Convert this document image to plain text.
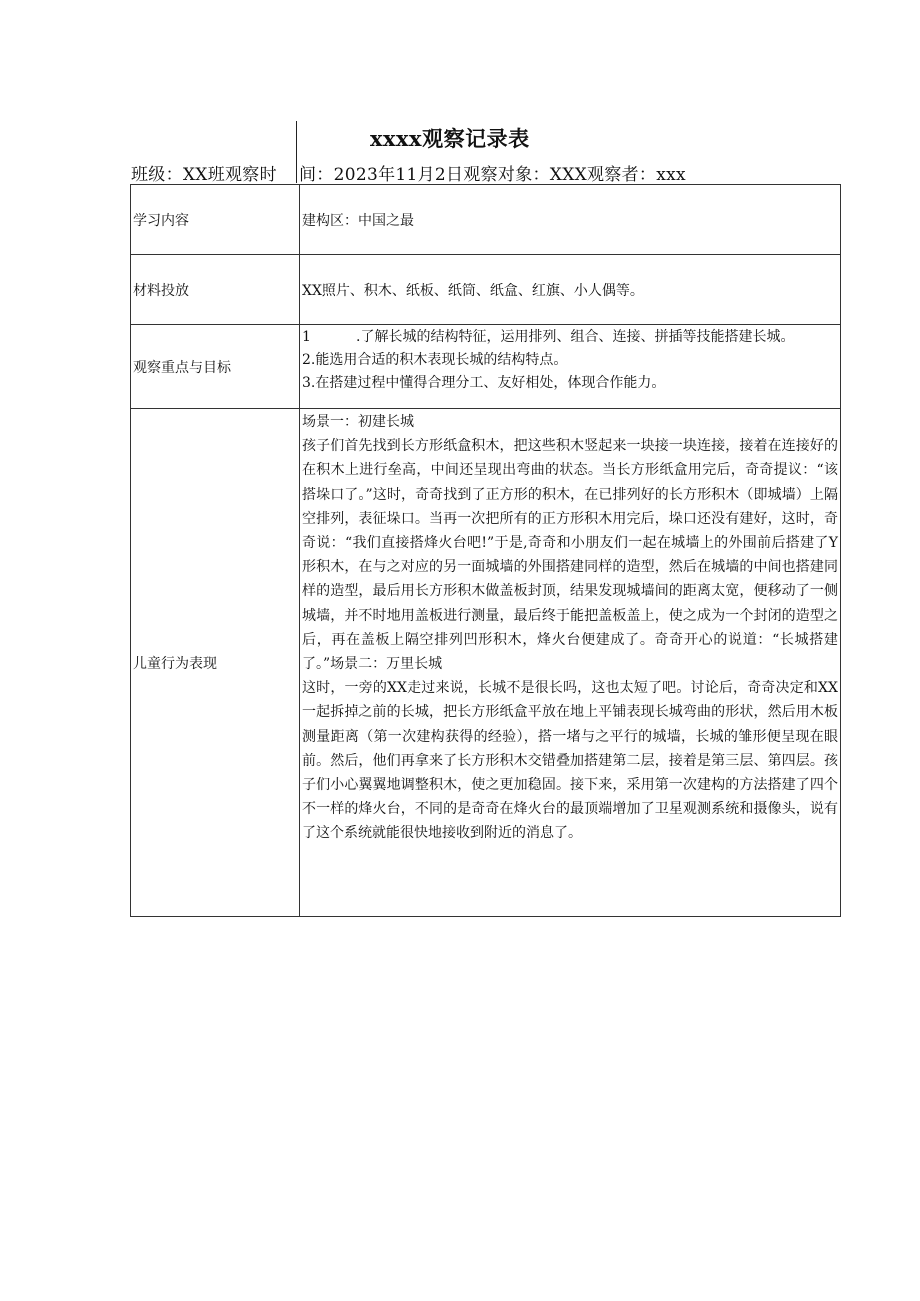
xxxx观察记录表
班级：XX班观察时 间：2023年11月2日观察对象：XXX观察者：xxx
学习内容	建构区：中国之最
材料投放	XX照片、积木、纸板、纸筒、纸盒、红旗、小人偶等。
观察重点与目标	1 .了解长城的结构特征，运用排列、组合、连接、拼插等技能搭建长城。
2.能选用合适的积木表现长城的结构特点。
3.在搭建过程中懂得合理分工、友好相处，体现合作能力。

儿童行为表现	场景一：初建长城

孩子们首先找到长方形纸盒积木，把这些积木竖起来一块接一块连接，接着在连接好的在积木上进行垒高，中间还呈现出弯曲的状态。当长方形纸盒用完后，奇奇提议：“该搭垛口了。”这时，奇奇找到了正方形的积木，在已排列好的长方形积木（即城墙）上隔空排列，表征垛口。当再一次把所有的正方形积木用完后，垛口还没有建好，这时，奇奇说：“我们直接搭烽火台吧!”于是,奇奇和小朋友们一起在城墙上的外围前后搭建了Y形积木，在与之对应的另一面城墙的外围搭建同样的造型，然后在城墙的中间也搭建同样的造型，最后用长方形积木做盖板封顶，结果发现城墙间的距离太宽，便移动了一侧城墙，并不时地用盖板进行测量，最后终于能把盖板盖上，使之成为一个封闭的造型之后，再在盖板上隔空排列凹形积木，烽火台便建成了。奇奇开心的说道：“长城搭建了。”场景二：万里长城

这时，一旁的XX走过来说，长城不是很长吗，这也太短了吧。讨论后，奇奇决定和XX一起拆掉之前的长城，把长方形纸盒平放在地上平铺表现长城弯曲的形状，然后用木板测量距离（第一次建构获得的经验），搭一堵与之平行的城墙，长城的雏形便呈现在眼前。然后，他们再拿来了长方形积木交错叠加搭建第二层，接着是第三层、第四层。孩子们小心翼翼地调整积木，使之更加稳固。接下来，采用第一次建构的方法搭建了四个不一样的烽火台，不同的是奇奇在烽火台的最顶端增加了卫星观测系统和摄像头，说有了这个系统就能很快地接收到附近的消息了。
